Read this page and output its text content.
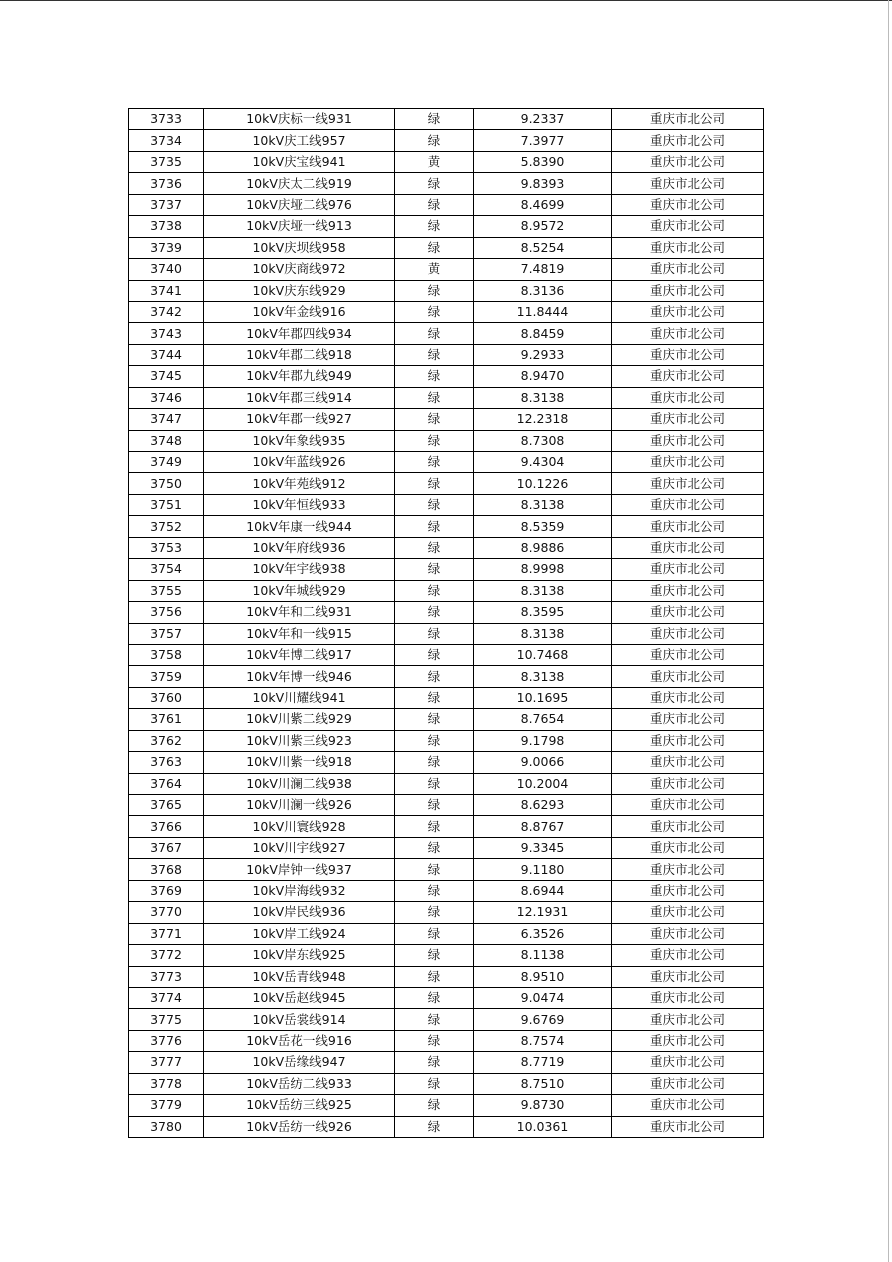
3733	10kV庆标一线931	绿	9.2337	重庆市北公司
3734	10kV庆工线957	绿	7.3977	重庆市北公司
3735	10kV庆宝线941	黄	5.8390	重庆市北公司
3736	10kV庆太二线919	绿	9.8393	重庆市北公司
3737	10kV庆垭二线976	绿	8.4699	重庆市北公司
3738	10kV庆垭一线913	绿	8.9572	重庆市北公司
3739	10kV庆坝线958	绿	8.5254	重庆市北公司
3740	10kV庆商线972	黄	7.4819	重庆市北公司
3741	10kV庆东线929	绿	8.3136	重庆市北公司
3742	10kV年金线916	绿	11.8444	重庆市北公司
3743	10kV年郡四线934	绿	8.8459	重庆市北公司
3744	10kV年郡二线918	绿	9.2933	重庆市北公司
3745	10kV年郡九线949	绿	8.9470	重庆市北公司
3746	10kV年郡三线914	绿	8.3138	重庆市北公司
3747	10kV年郡一线927	绿	12.2318	重庆市北公司
3748	10kV年象线935	绿	8.7308	重庆市北公司
3749	10kV年蓝线926	绿	9.4304	重庆市北公司
3750	10kV年苑线912	绿	10.1226	重庆市北公司
3751	10kV年恒线933	绿	8.3138	重庆市北公司
3752	10kV年康一线944	绿	8.5359	重庆市北公司
3753	10kV年府线936	绿	8.9886	重庆市北公司
3754	10kV年宇线938	绿	8.9998	重庆市北公司
3755	10kV年城线929	绿	8.3138	重庆市北公司
3756	10kV年和二线931	绿	8.3595	重庆市北公司
3757	10kV年和一线915	绿	8.3138	重庆市北公司
3758	10kV年博二线917	绿	10.7468	重庆市北公司
3759	10kV年博一线946	绿	8.3138	重庆市北公司
3760	10kV川耀线941	绿	10.1695	重庆市北公司
3761	10kV川紫二线929	绿	8.7654	重庆市北公司
3762	10kV川紫三线923	绿	9.1798	重庆市北公司
3763	10kV川紫一线918	绿	9.0066	重庆市北公司
3764	10kV川澜二线938	绿	10.2004	重庆市北公司
3765	10kV川澜一线926	绿	8.6293	重庆市北公司
3766	10kV川寰线928	绿	8.8767	重庆市北公司
3767	10kV川宇线927	绿	9.3345	重庆市北公司
3768	10kV岸钟一线937	绿	9.1180	重庆市北公司
3769	10kV岸海线932	绿	8.6944	重庆市北公司
3770	10kV岸民线936	绿	12.1931	重庆市北公司
3771	10kV岸工线924	绿	6.3526	重庆市北公司
3772	10kV岸东线925	绿	8.1138	重庆市北公司
3773	10kV岳青线948	绿	8.9510	重庆市北公司
3774	10kV岳赵线945	绿	9.0474	重庆市北公司
3775	10kV岳裳线914	绿	9.6769	重庆市北公司
3776	10kV岳花一线916	绿	8.7574	重庆市北公司
3777	10kV岳缘线947	绿	8.7719	重庆市北公司
3778	10kV岳纺二线933	绿	8.7510	重庆市北公司
3779	10kV岳纺三线925	绿	9.8730	重庆市北公司
3780	10kV岳纺一线926	绿	10.0361	重庆市北公司
